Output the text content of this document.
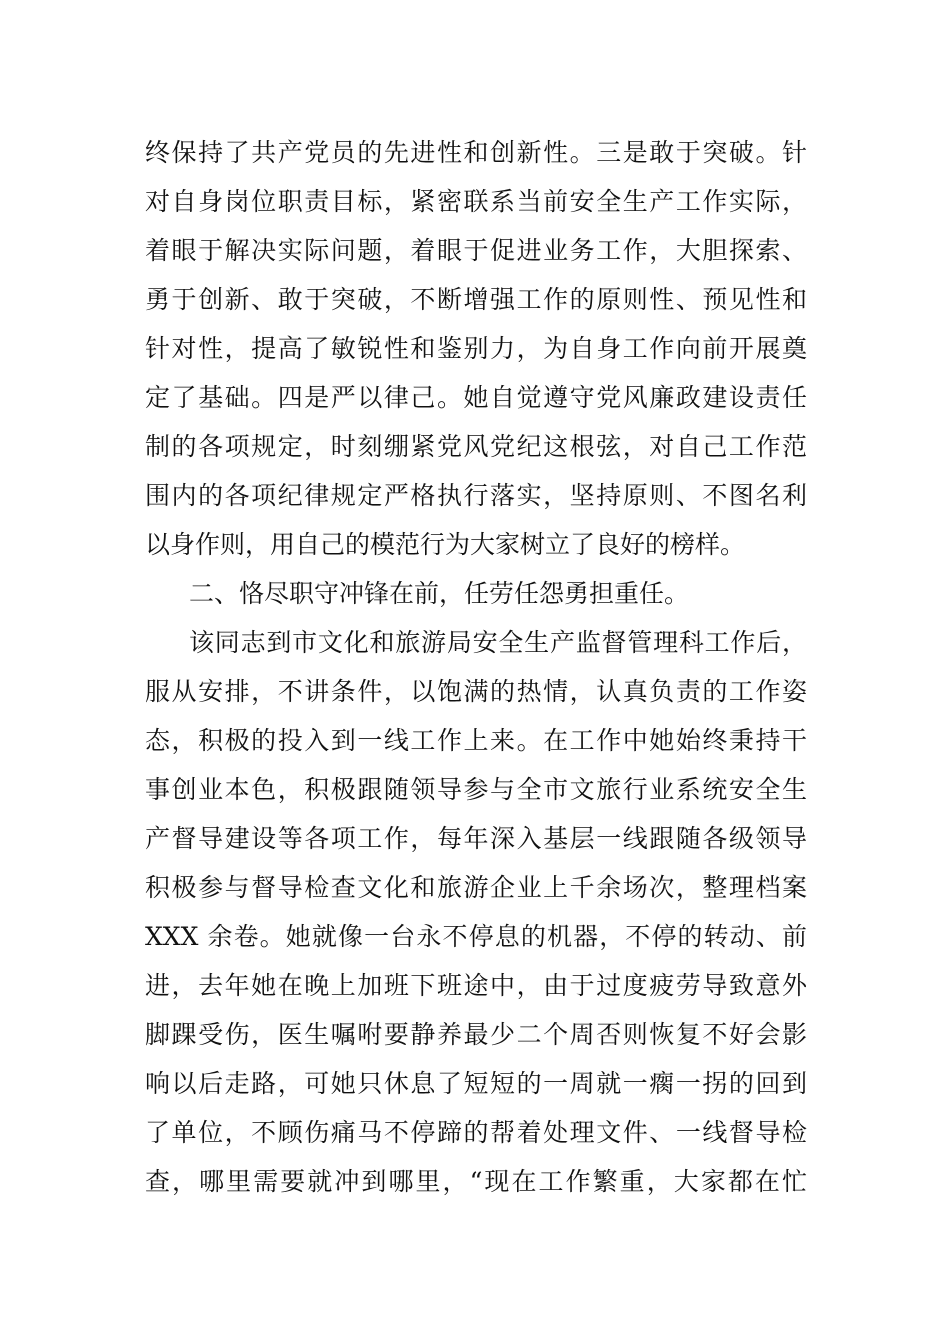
终保持了共产党员的先进性和创新性。三是敢于突破。针
对自身岗位职责目标，紧密联系当前安全生产工作实际，
着眼于解决实际问题，着眼于促进业务工作，大胆探索、
勇于创新、敢于突破，不断增强工作的原则性、预见性和
针对性，提高了敏锐性和鉴别力，为自身工作向前开展奠
定了基础。四是严以律己。她自觉遵守党风廉政建设责任
制的各项规定，时刻绷紧党风党纪这根弦，对自己工作范
围内的各项纪律规定严格执行落实，坚持原则、不图名利
以身作则，用自己的模范行为大家树立了良好的榜样。
二、恪尽职守冲锋在前，任劳任怨勇担重任。
该同志到市文化和旅游局安全生产监督管理科工作后，
服从安排，不讲条件，以饱满的热情，认真负责的工作姿
态，积极的投入到一线工作上来。在工作中她始终秉持干
事创业本色，积极跟随领导参与全市文旅行业系统安全生
产督导建设等各项工作，每年深入基层一线跟随各级领导
积极参与督导检查文化和旅游企业上千余场次，整理档案
XXX 余卷。她就像一台永不停息的机器，不停的转动、前
进，去年她在晚上加班下班途中，由于过度疲劳导致意外
脚踝受伤，医生嘱咐要静养最少二个周否则恢复不好会影
响以后走路，可她只休息了短短的一周就一瘸一拐的回到
了单位，不顾伤痛马不停蹄的帮着处理文件、一线督导检
查，哪里需要就冲到哪里，“现在工作繁重，大家都在忙
